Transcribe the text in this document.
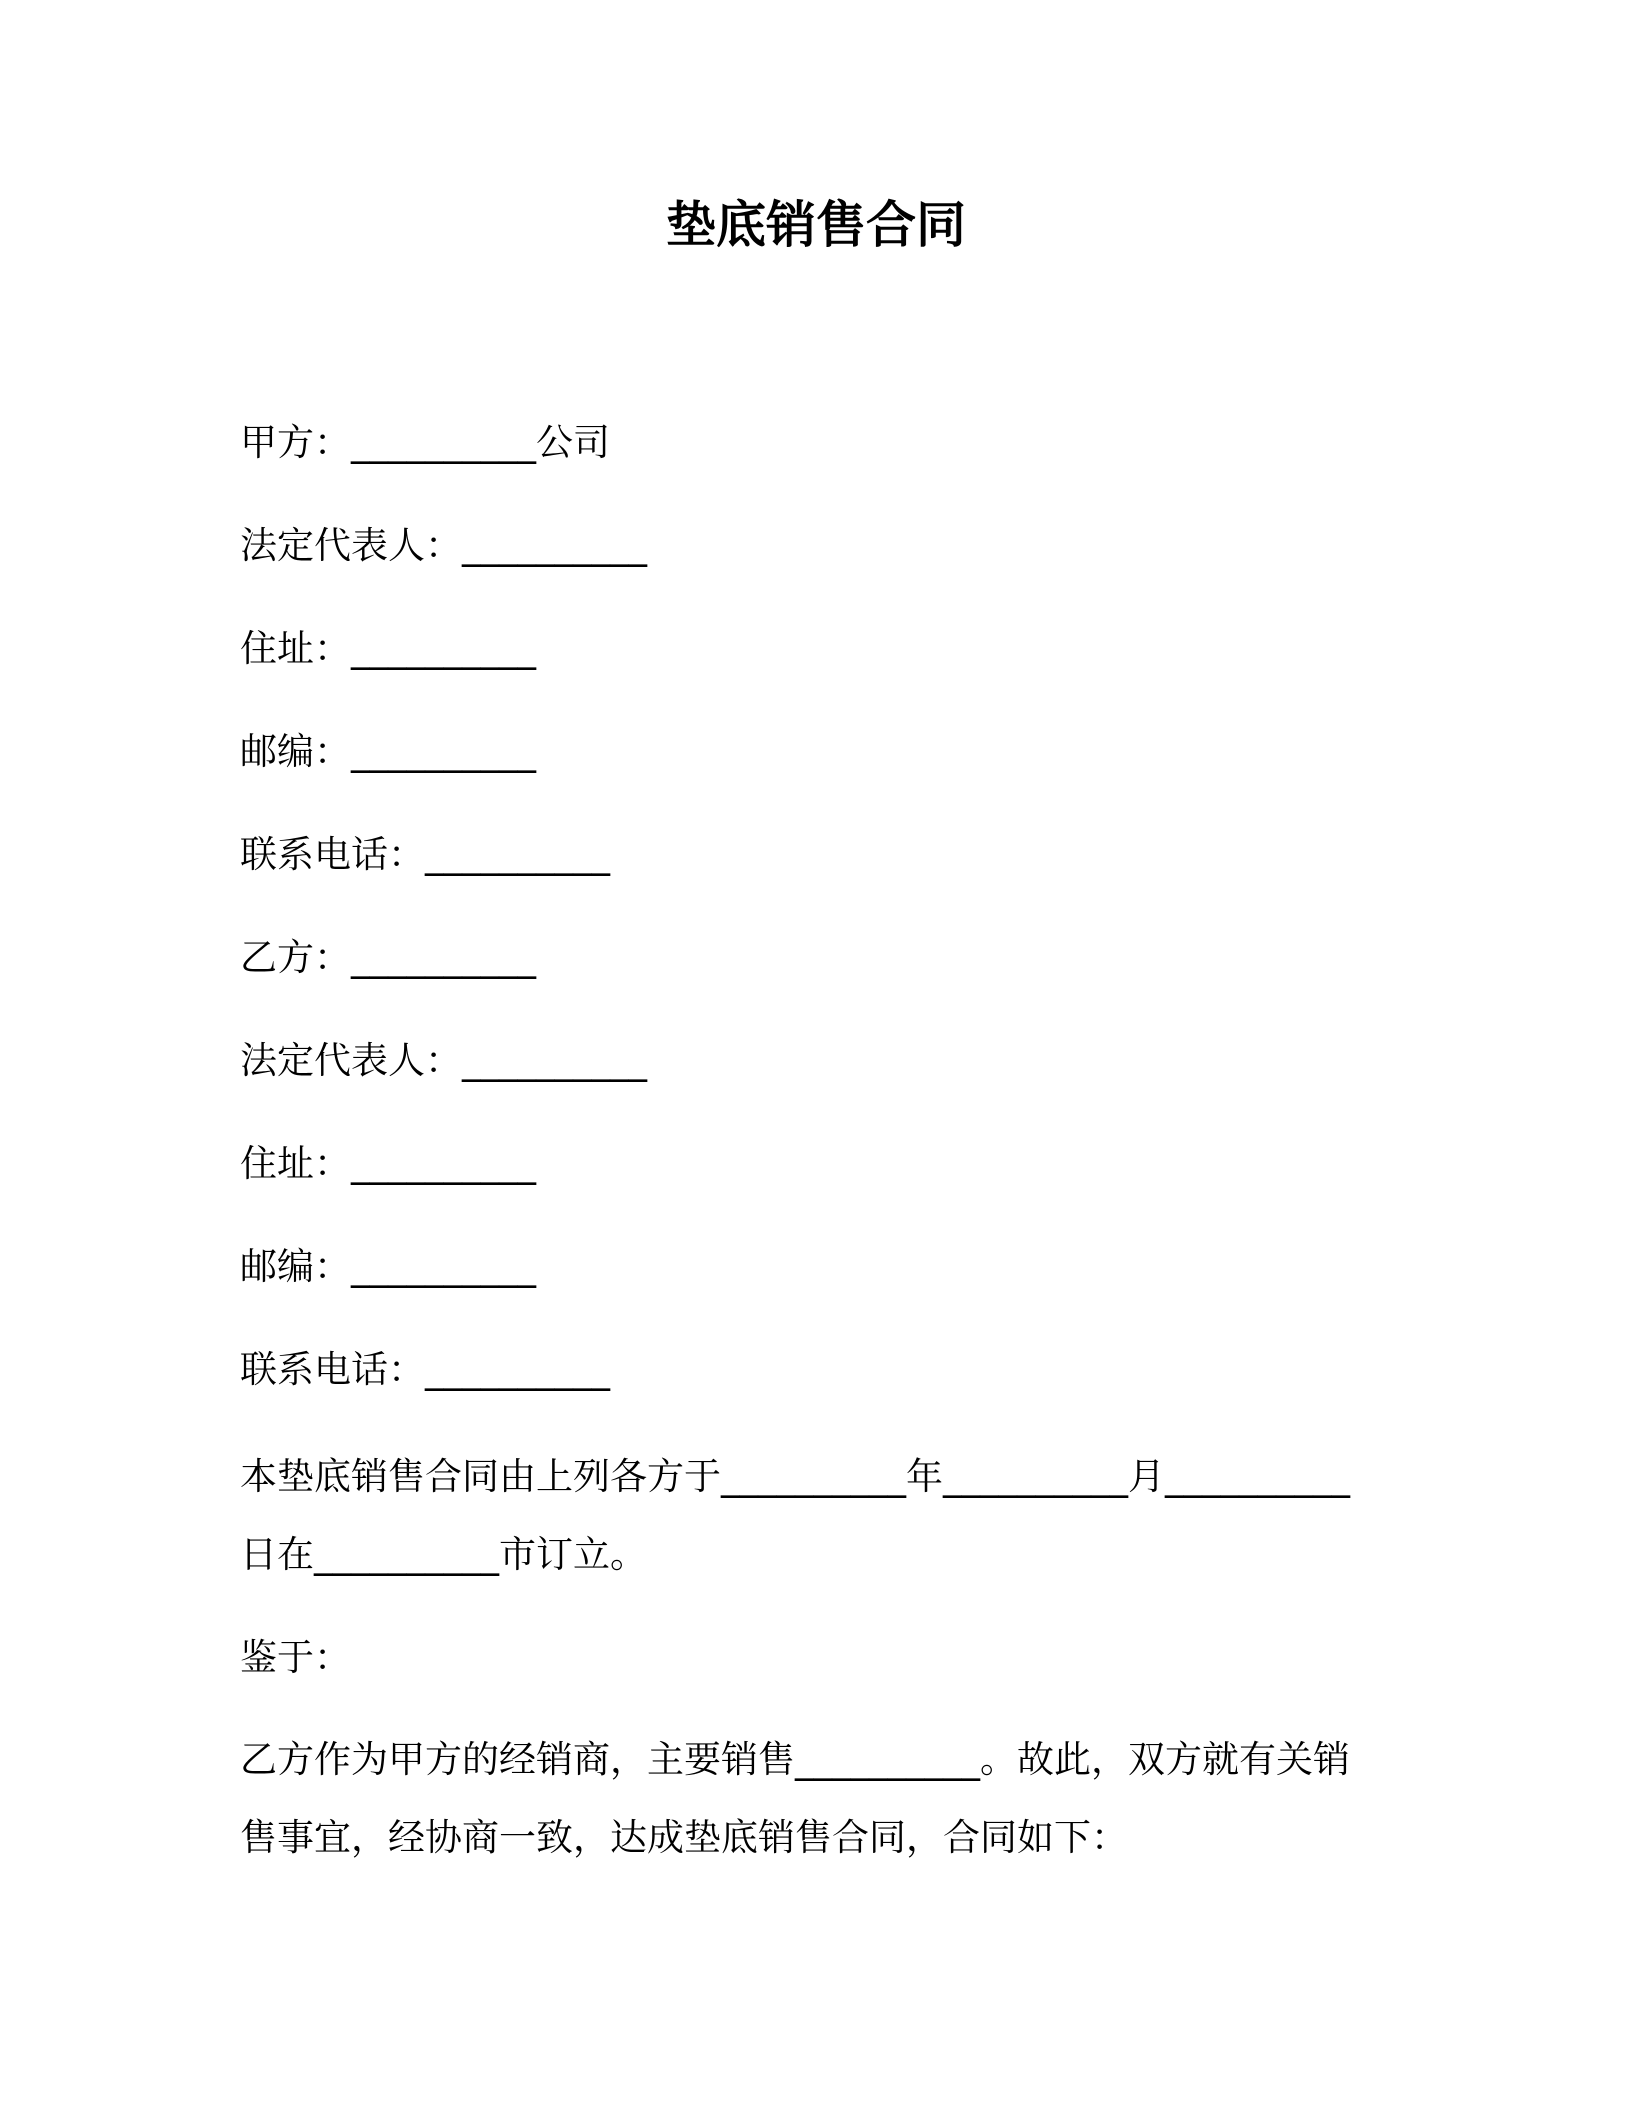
垫底销售合同

甲方：__________公司

法定代表人：__________

住址：__________

邮编：__________

联系电话：__________

乙方：__________

法定代表人：__________

住址：__________

邮编：__________

联系电话：__________

本垫底销售合同由上列各方于__________年__________月__________

日在__________市订立。

鉴于：

乙方作为甲方的经销商，主要销售__________。故此，双方就有关销

售事宜，经协商一致，达成垫底销售合同，合同如下：
